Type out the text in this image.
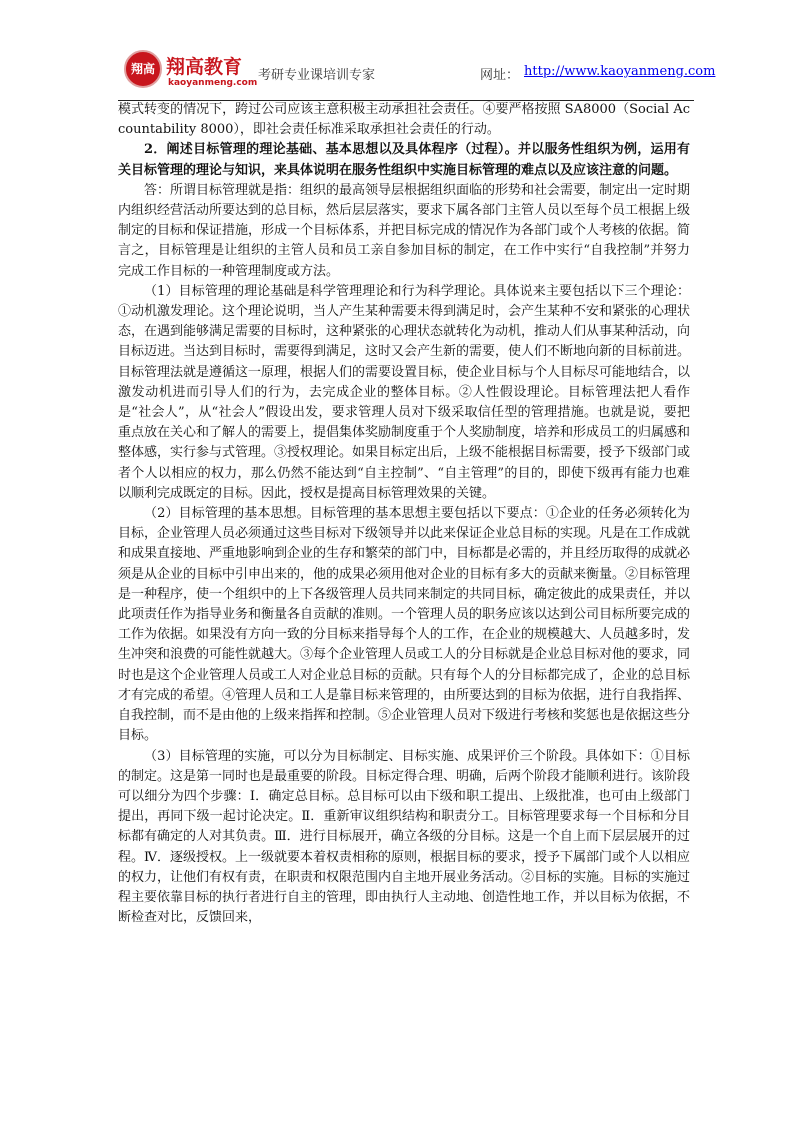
翔高 翔高教育
kaoyanmeng.com 考研专业课培训专家	网址： http://www.kaoyanmeng.com

模式转变的情况下，跨过公司应该主意积极主动承担社会责任。④要严格按照 SA8000（Social Accountability 8000），即社会责任标准采取承担社会责任的行动。

2．阐述目标管理的理论基础、基本思想以及具体程序（过程）。并以服务性组织为例，运用有关目标管理的理论与知识，来具体说明在服务性组织中实施目标管理的难点以及应该注意的问题。

答：所谓目标管理就是指：组织的最高领导层根据组织面临的形势和社会需要，制定出一定时期内组织经营活动所要达到的总目标，然后层层落实，要求下属各部门主管人员以至每个员工根据上级制定的目标和保证措施，形成一个目标体系，并把目标完成的情况作为各部门或个人考核的依据。简言之，目标管理是让组织的主管人员和员工亲自参加目标的制定，在工作中实行“自我控制”并努力完成工作目标的一种管理制度或方法。

（1）目标管理的理论基础是科学管理理论和行为科学理论。具体说来主要包括以下三个理论：①动机激发理论。这个理论说明，当人产生某种需要未得到满足时，会产生某种不安和紧张的心理状态，在遇到能够满足需要的目标时，这种紧张的心理状态就转化为动机，推动人们从事某种活动，向目标迈进。当达到目标时，需要得到满足，这时又会产生新的需要，使人们不断地向新的目标前进。目标管理法就是遵循这一原理，根据人们的需要设置目标，使企业目标与个人目标尽可能地结合，以激发动机进而引导人们的行为，去完成企业的整体目标。②人性假设理论。目标管理法把人看作是“社会人”，从“社会人”假设出发，要求管理人员对下级采取信任型的管理措施。也就是说，要把重点放在关心和了解人的需要上，提倡集体奖励制度重于个人奖励制度，培养和形成员工的归属感和整体感，实行参与式管理。③授权理论。如果目标定出后，上级不能根据目标需要，授予下级部门或者个人以相应的权力，那么仍然不能达到“自主控制”、“自主管理”的目的，即使下级再有能力也难以顺利完成既定的目标。因此，授权是提高目标管理效果的关键。

（2）目标管理的基本思想。目标管理的基本思想主要包括以下要点：①企业的任务必须转化为目标，企业管理人员必须通过这些目标对下级领导并以此来保证企业总目标的实现。凡是在工作成就和成果直接地、严重地影响到企业的生存和繁荣的部门中，目标都是必需的，并且经历取得的成就必须是从企业的目标中引申出来的，他的成果必须用他对企业的目标有多大的贡献来衡量。②目标管理是一种程序，使一个组织中的上下各级管理人员共同来制定的共同目标，确定彼此的成果责任，并以此项责任作为指导业务和衡量各自贡献的准则。一个管理人员的职务应该以达到公司目标所要完成的工作为依据。如果没有方向一致的分目标来指导每个人的工作，在企业的规模越大、人员越多时，发生冲突和浪费的可能性就越大。③每个企业管理人员或工人的分目标就是企业总目标对他的要求，同时也是这个企业管理人员或工人对企业总目标的贡献。只有每个人的分目标都完成了，企业的总目标才有完成的希望。④管理人员和工人是靠目标来管理的，由所要达到的目标为依据，进行自我指挥、自我控制，而不是由他的上级来指挥和控制。⑤企业管理人员对下级进行考核和奖惩也是依据这些分目标。

（3）目标管理的实施，可以分为目标制定、目标实施、成果评价三个阶段。具体如下：①目标的制定。这是第一同时也是最重要的阶段。目标定得合理、明确，后两个阶段才能顺利进行。该阶段可以细分为四个步骤：Ⅰ．确定总目标。总目标可以由下级和职工提出、上级批准，也可由上级部门提出，再同下级一起讨论决定。Ⅱ．重新审议组织结构和职责分工。目标管理要求每一个目标和分目标都有确定的人对其负责。Ⅲ．进行目标展开，确立各级的分目标。这是一个自上而下层层展开的过程。Ⅳ．逐级授权。上一级就要本着权责相称的原则，根据目标的要求，授予下属部门或个人以相应的权力，让他们有权有责，在职责和权限范围内自主地开展业务活动。②目标的实施。目标的实施过程主要依靠目标的执行者进行自主的管理，即由执行人主动地、创造性地工作，并以目标为依据，不断检查对比，反馈回来，
